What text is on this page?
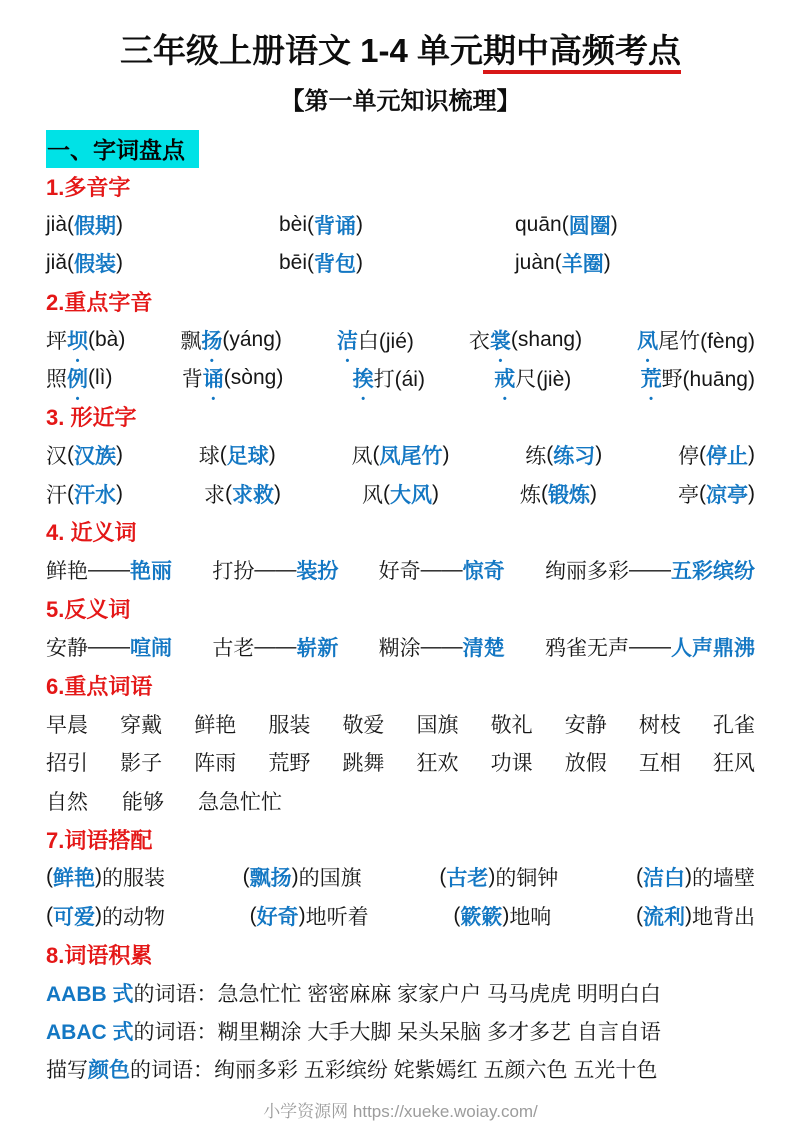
三年级上册语文 1-4 单元期中高频考点
【第一单元知识梳理】
一、字词盘点
1.多音字
jià ( 假期 )	bèi ( 背诵 )	quān ( 圆圈 )
jiǎ ( 假装 )	bēi ( 背包 )	juàn ( 羊圈 )
2.重点字音
坪 坝 • (bà)	飘 扬 • (yáng)	洁 • 白(jié)	衣 裳 • (shang)	凤 • 尾竹(fèng)
照 例 • (lì)	背 诵 • (sòng)	挨 • 打(ái)	戒 • 尺(jiè)	荒 • 野(huāng)
3. 形近字
汉 ( 汉族 )	球 ( 足球 )	凤 ( 凤尾竹 )	练 ( 练习 )	停 ( 停止 )
汗 ( 汗水 )	求 ( 求救 )	风 ( 大风 )	炼 ( 锻炼 )	亭 ( 凉亭 )
4. 近义词
鲜艳 —— 艳丽 打扮 —— 装扮 好奇 —— 惊奇 绚丽多彩 —— 五彩缤纷
5.反义词
安静 —— 喧闹 古老 —— 崭新 糊涂 —— 清楚 鸦雀无声 —— 人声鼎沸
6.重点词语
早晨 穿戴 鲜艳 服装 敬爱 国旗 敬礼 安静 树枝 孔雀
招引 影子 阵雨 荒野 跳舞 狂欢 功课 放假 互相 狂风
自然 能够 急急忙忙
7.词语搭配
( 鲜艳 ) 的服装	( 飘扬 ) 的国旗	( 古老 ) 的铜钟	( 洁白 ) 的墙壁
( 可爱 ) 的动物	( 好奇 ) 地听着	( 簌簌 ) 地响	( 流利 ) 地背出
8.词语积累
AABB 式 的词语：急急忙忙 密密麻麻 家家户户 马马虎虎 明明白白
ABAC 式 的词语：糊里糊涂 大手大脚 呆头呆脑 多才多艺 自言自语
描写 颜色 的词语：绚丽多彩 五彩缤纷 姹紫嫣红 五颜六色 五光十色
小学资源网 https://xueke.woiay.com/
